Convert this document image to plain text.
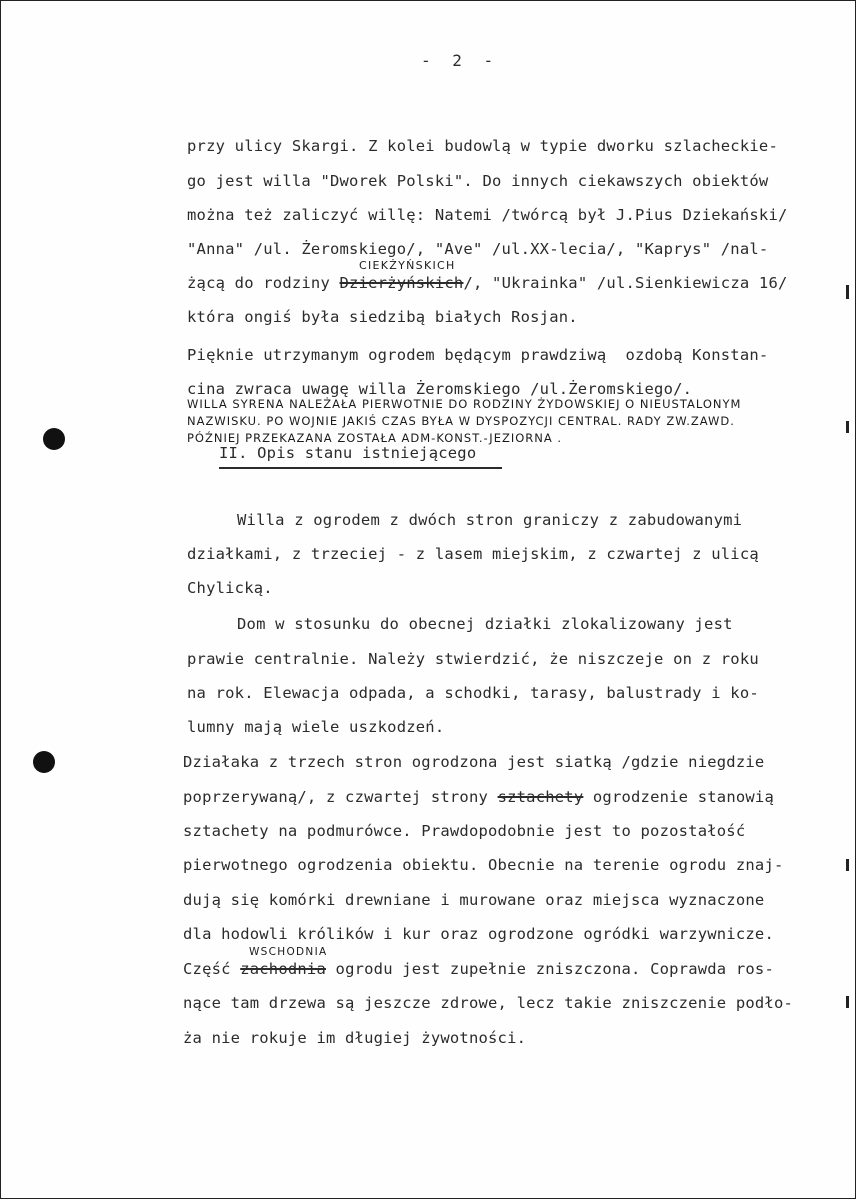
- 2 -
przy ulicy Skargi. Z kolei budowlą w typie dworku szlacheckie-
go jest willa "Dworek Polski". Do innych ciekawszych obiektów
można też zaliczyć willę: Natemi /twórcą był J.Pius Dziekański/
"Anna" /ul. Żeromskiego/, "Ave" /ul.XX-lecia/, "Kaprys" /nal-
CIEKŻYŃSKICH
żącą do rodziny Dzierżyńskich/, "Ukrainka" /ul.Sienkiewicza 16/
która ongiś była siedzibą białych Rosjan.
Pięknie utrzymanym ogrodem będącym prawdziwą  ozdobą Konstan-
cina zwraca uwagę willa Żeromskiego /ul.Żeromskiego/.
WILLA SYRENA NALEŻAŁA PIERWOTNIE DO RODZINY ŻYDOWSKIEJ O NIEUSTALONYM
NAZWISKU. PO WOJNIE JAKIŚ CZAS BYŁA W DYSPOZYCJI CENTRAL. RADY ZW.ZAWD.
PÓŹNIEJ PRZEKAZANA ZOSTAŁA ADM-KONST.-JEZIORNA .
II. Opis stanu istniejącego
Willa z ogrodem z dwóch stron graniczy z zabudowanymi
działkami, z trzeciej - z lasem miejskim, z czwartej z ulicą
Chylicką.
Dom w stosunku do obecnej działki zlokalizowany jest
prawie centralnie. Należy stwierdzić, że niszczeje on z roku
na rok. Elewacja odpada, a schodki, tarasy, balustrady i ko-
lumny mają wiele uszkodzeń.
Działaka z trzech stron ogrodzona jest siatką /gdzie niegdzie
poprzerywaną/, z czwartej strony sztachety ogrodzenie stanowią
sztachety na podmurówce. Prawdopodobnie jest to pozostałość
pierwotnego ogrodzenia obiektu. Obecnie na terenie ogrodu znaj-
dują się komórki drewniane i murowane oraz miejsca wyznaczone
dla hodowli królików i kur oraz ogrodzone ogródki warzywnicze.
WSCHODNIA
Część zachodnia ogrodu jest zupełnie zniszczona. Coprawda ros-
nące tam drzewa są jeszcze zdrowe, lecz takie zniszczenie podło-
ża nie rokuje im długiej żywotności.
